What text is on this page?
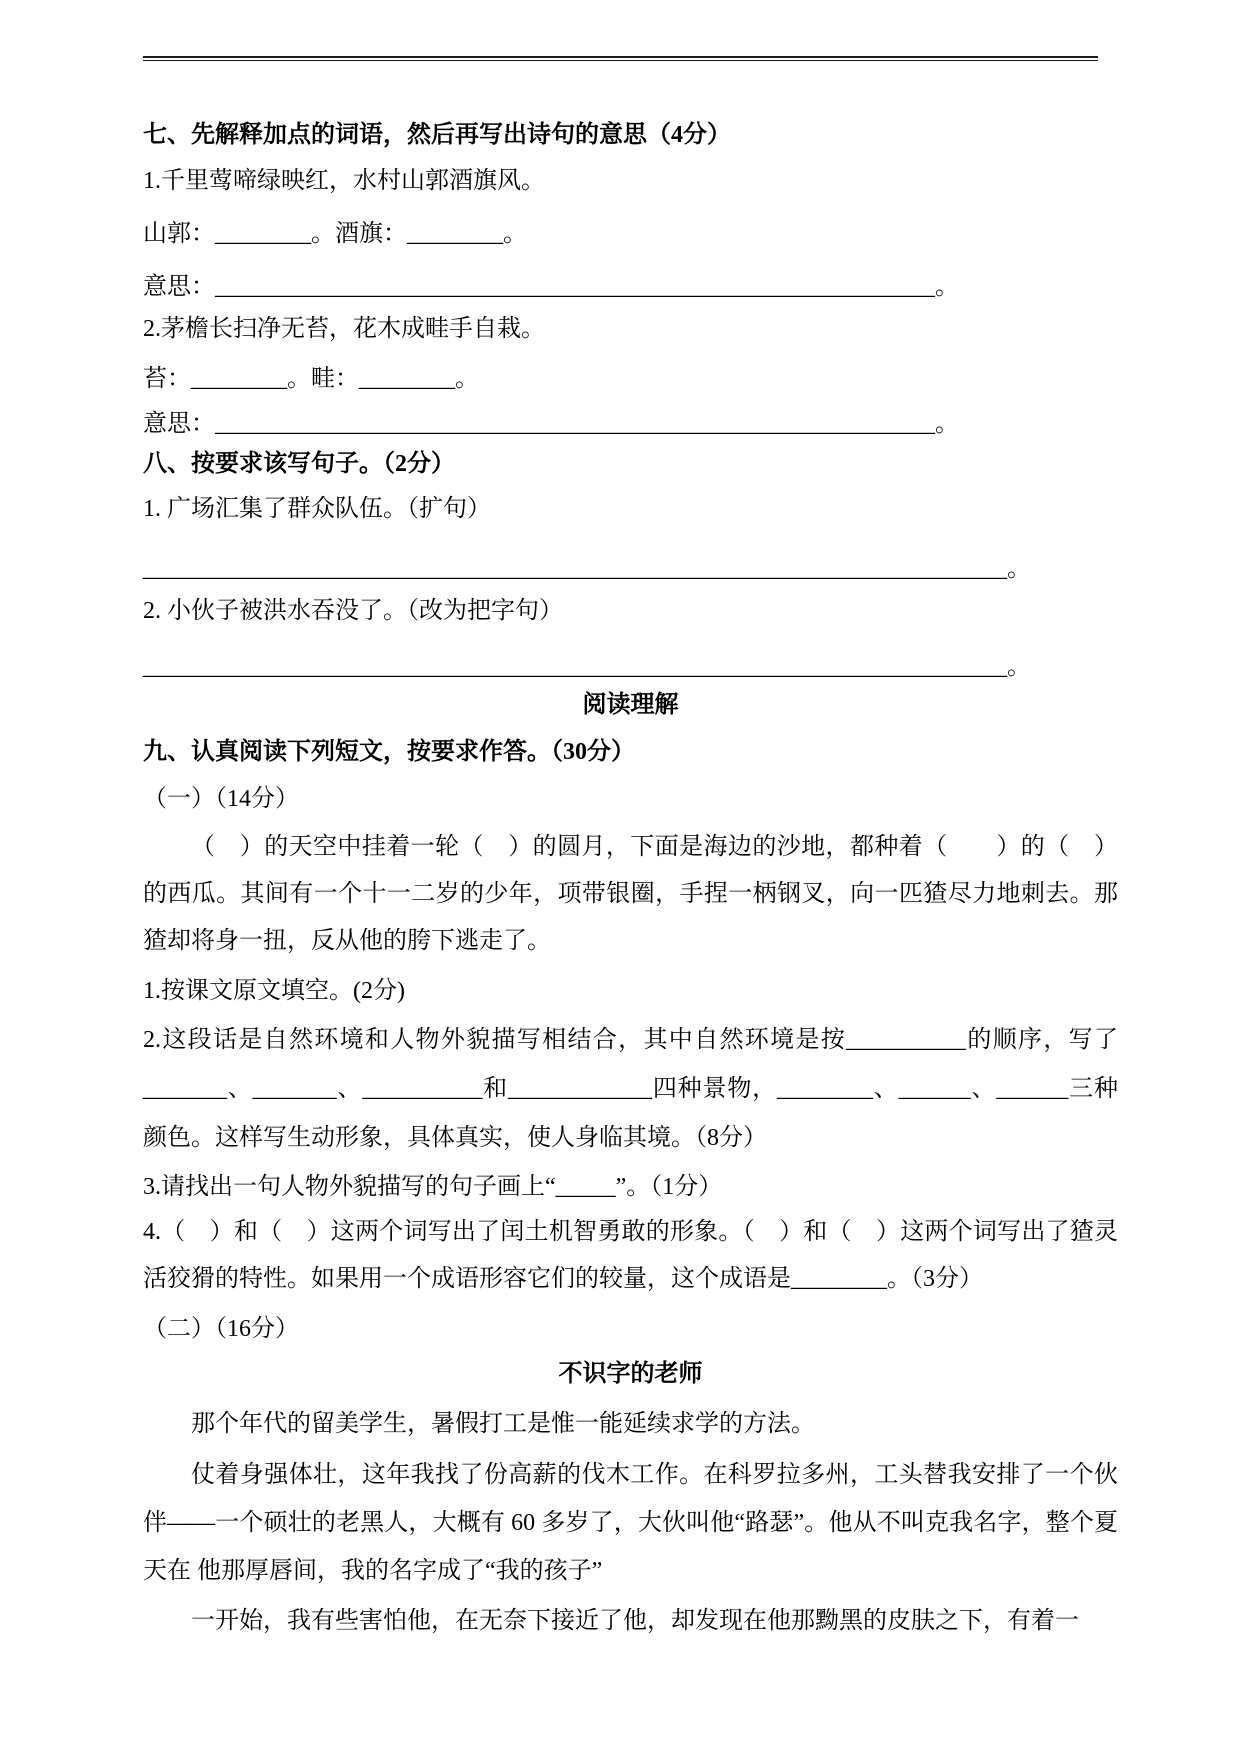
七、先解释加点的词语，然后再写出诗句的意思（4分）
1.千里莺啼绿映红，水村山郭酒旗风。
山郭：________。酒旗：________。
意思：____________________________________________________________。
2.茅檐长扫净无苔，花木成畦手自栽。
苔：________。畦：________。
意思：____________________________________________________________。
八、按要求该写句子。（2分）
1. 广场汇集了群众队伍。（扩句）
________________________________________________________________________。
2. 小伙子被洪水吞没了。（改为把字句）
________________________________________________________________________。
阅读理解
九、认真阅读下列短文，按要求作答。（30分）
（一）（14分）
（　）的天空中挂着一轮（　）的圆月，下面是海边的沙地，都种着（　　）的（　）的西瓜。其间有一个十一二岁的少年，项带银圈，手捏一柄钢叉，向一匹猹尽力地刺去。那猹却将身一扭，反从他的胯下逃走了。
1.按课文原文填空。(2分)
2.这段话是自然环境和人物外貌描写相结合，其中自然环境是按__________的顺序，写了_______、_______、__________和____________四种景物，________、______、______三种颜色。这样写生动形象，具体真实，使人身临其境。（8分）
3.请找出一句人物外貌描写的句子画上“_____”。（1分）
4.（　）和（　）这两个词写出了闰土机智勇敢的形象。（　）和（　）这两个词写出了猹灵活狡猾的特性。如果用一个成语形容它们的较量，这个成语是________。（3分）
（二）（16分）
不识字的老师
那个年代的留美学生，暑假打工是惟一能延续求学的方法。
仗着身强体壮，这年我找了份高薪的伐木工作。在科罗拉多州，工头替我安排了一个伙伴——一个硕壮的老黑人，大概有 60 多岁了，大伙叫他“路瑟”。他从不叫克我名字，整个夏天在 他那厚唇间，我的名字成了“我的孩子”
一开始，我有些害怕他，在无奈下接近了他，却发现在他那黝黑的皮肤之下，有着一
